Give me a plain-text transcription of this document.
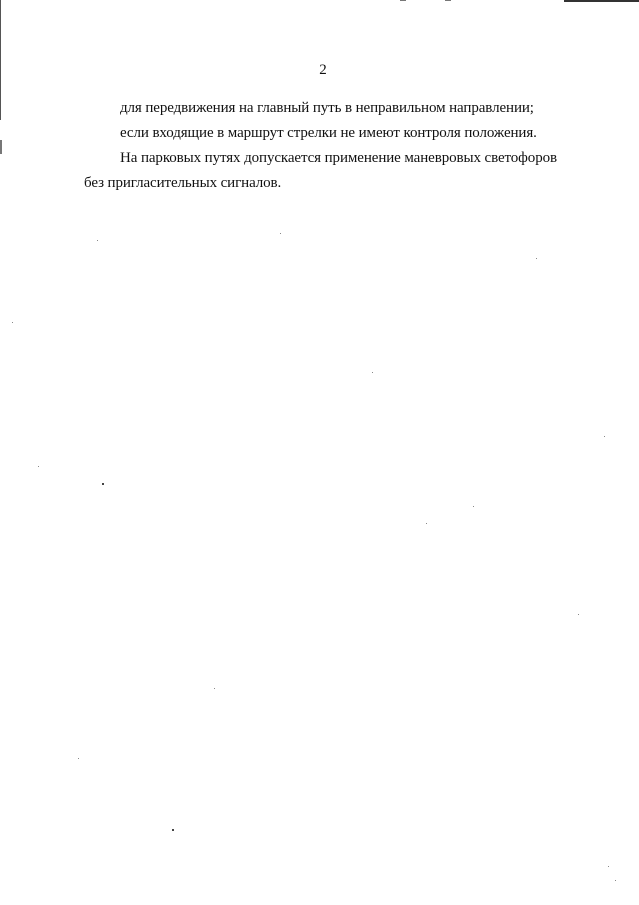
2

для передвижения на главный путь в неправильном направлении;

если входящие в маршрут стрелки не имеют контроля положения.

На парковых путях допускается применение маневровых светофоров

без пригласительных сигналов.
